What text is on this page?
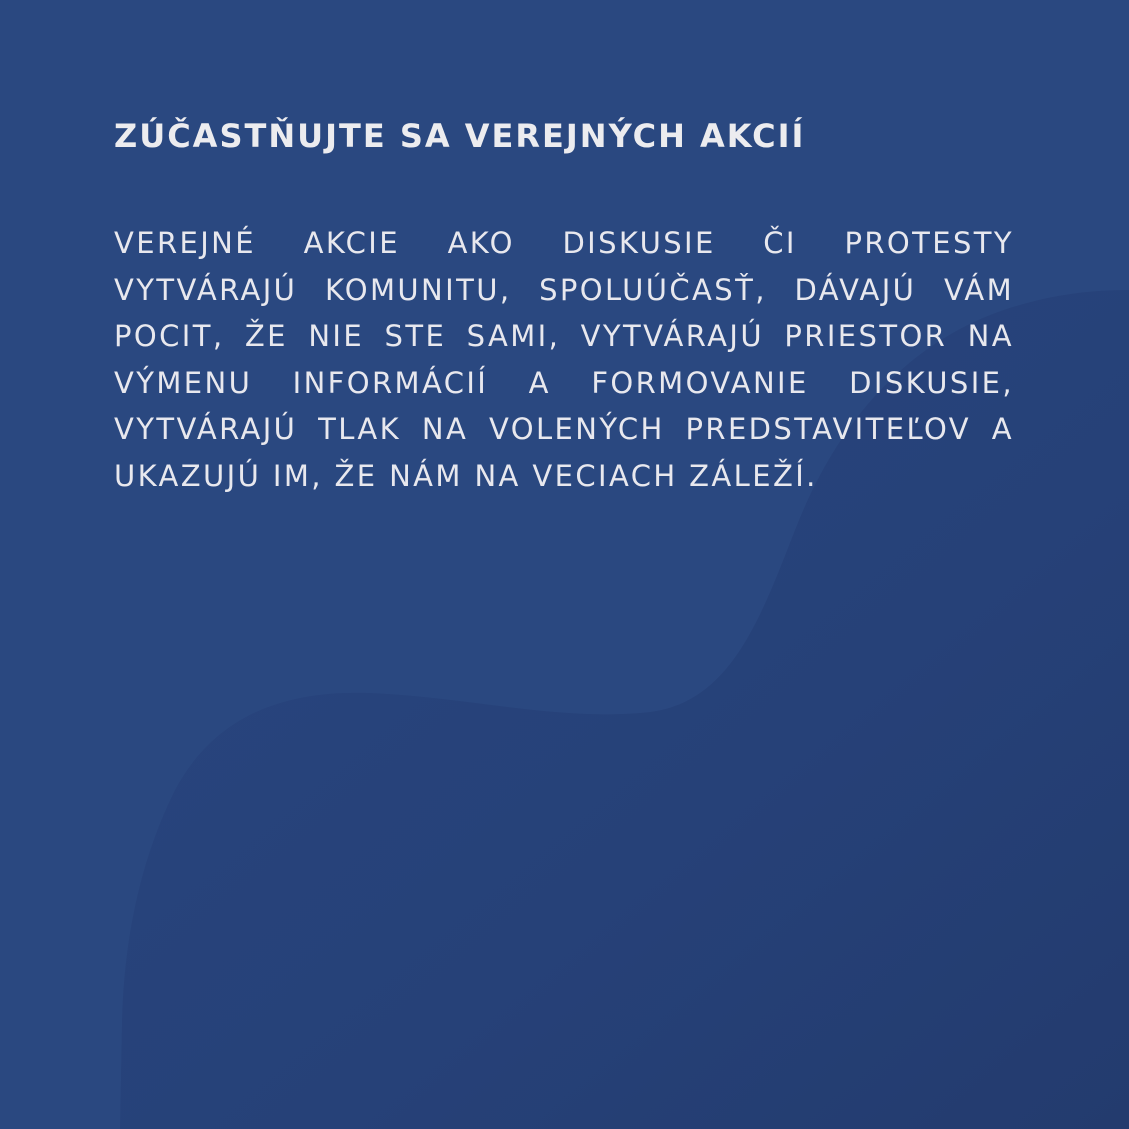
ZÚČASTŇUJTE SA VEREJNÝCH AKCIÍ

VEREJNÉ AKCIE AKO DISKUSIE ČI PROTESTY VYTVÁRAJÚ KOMUNITU, SPOLUÚČASŤ, DÁVAJÚ VÁM POCIT, ŽE NIE STE SAMI, VYTVÁRAJÚ PRIESTOR NA VÝMENU INFORMÁCIÍ A FORMOVANIE DISKUSIE, VYTVÁRAJÚ TLAK NA VOLENÝCH PREDSTAVITEĽOV A UKAZUJÚ IM, ŽE NÁM NA VECIACH ZÁLEŽÍ.
